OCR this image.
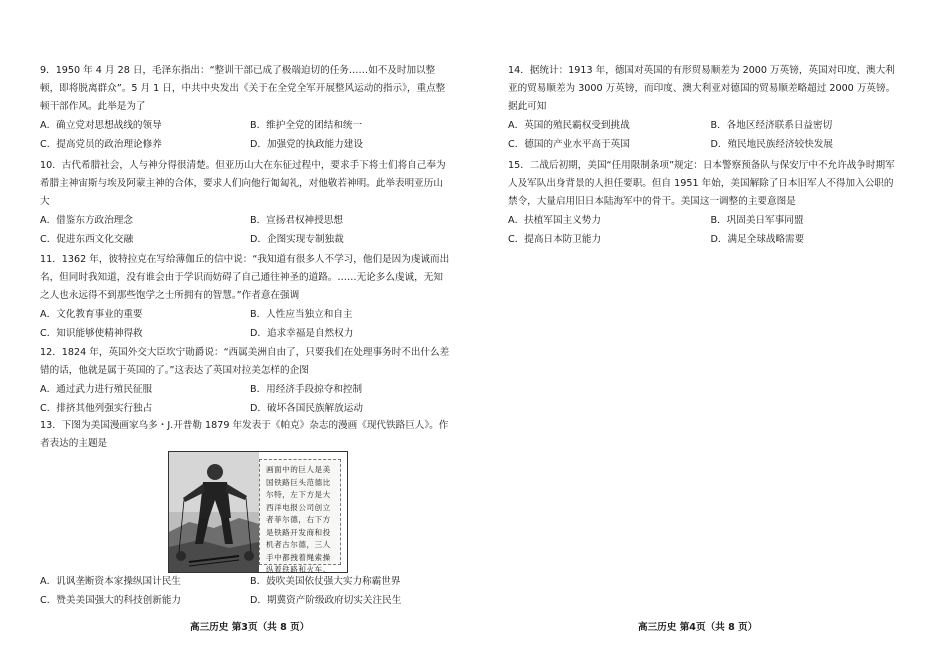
9．1950 年 4 月 28 日，毛泽东指出：“整训干部已成了极端迫切的任务……如不及时加以整顿，即将脱离群众”。5 月 1 日，中共中央发出《关于在全党全军开展整风运动的指示》，重点整顿干部作风。此举是为了
A．确立党对思想战线的领导	B．维护全党的团结和统一
C．提高党员的政治理论修养	D．加强党的执政能力建设
10．古代希腊社会，人与神分得很清楚。但亚历山大在东征过程中，要求手下将士们将自己奉为希腊主神宙斯与埃及阿蒙主神的合体，要求人们向他行匍匐礼，对他敬若神明。此举表明亚历山大
A．借鉴东方政治理念	B．宣扬君权神授思想
C．促进东西文化交融	D．企图实现专制独裁
11．1362 年，彼特拉克在写给薄伽丘的信中说：“我知道有很多人不学习，他们是因为虔诚而出名，但同时我知道，没有谁会由于学识而妨碍了自己通往神圣的道路。……无论多么虔诚，无知之人也永远得不到那些饱学之士所拥有的智慧。”作者意在强调
A．文化教育事业的重要	B．人性应当独立和自主
C．知识能够使精神得救	D．追求幸福是自然权力
12．1824 年，英国外交大臣坎宁勋爵说：“西属美洲自由了，只要我们在处理事务时不出什么差错的话，他就是属于英国的了。”这表达了英国对拉美怎样的企图
A．通过武力进行殖民征服	B．用经济手段掠夺和控制
C．排挤其他列强实行独占	D．破坏各国民族解放运动
13．下图为美国漫画家乌多・J.开普勒 1879 年发表于《帕克》杂志的漫画《现代铁路巨人》。作者表达的主题是
画面中的巨人是美国铁路巨头范德比尔特，左下方是大西洋电报公司创立者菲尔德，右下方是铁路开发商和投机者古尔德，三人手中都拽着绳索操纵着铁路和火车。
A．讥讽垄断资本家操纵国计民生	B．鼓吹美国依仗强大实力称霸世界
C．赞美美国强大的科技创新能力	D．期冀资产阶级政府切实关注民生
高三历史 第3页（共 8 页）
14．据统计：1913 年，德国对英国的有形贸易顺差为 2000 万英镑，英国对印度、澳大利亚的贸易顺差为 3000 万英镑，而印度、澳大利亚对德国的贸易顺差略超过 2000 万英镑。据此可知
A．英国的殖民霸权受到挑战	B．各地区经济联系日益密切
C．德国的产业水平高于英国	D．殖民地民族经济较快发展
15．二战后初期，美国“任用限制条项”规定：日本警察预备队与保安厅中不允许战争时期军人及军队出身背景的人担任要职。但自 1951 年始，美国解除了日本旧军人不得加入公职的禁令，大量启用旧日本陆海军中的骨干。美国这一调整的主要意图是
A．扶植军国主义势力	B．巩固美日军事同盟
C．提高日本防卫能力	D．满足全球战略需要
高三历史 第4页（共 8 页）
